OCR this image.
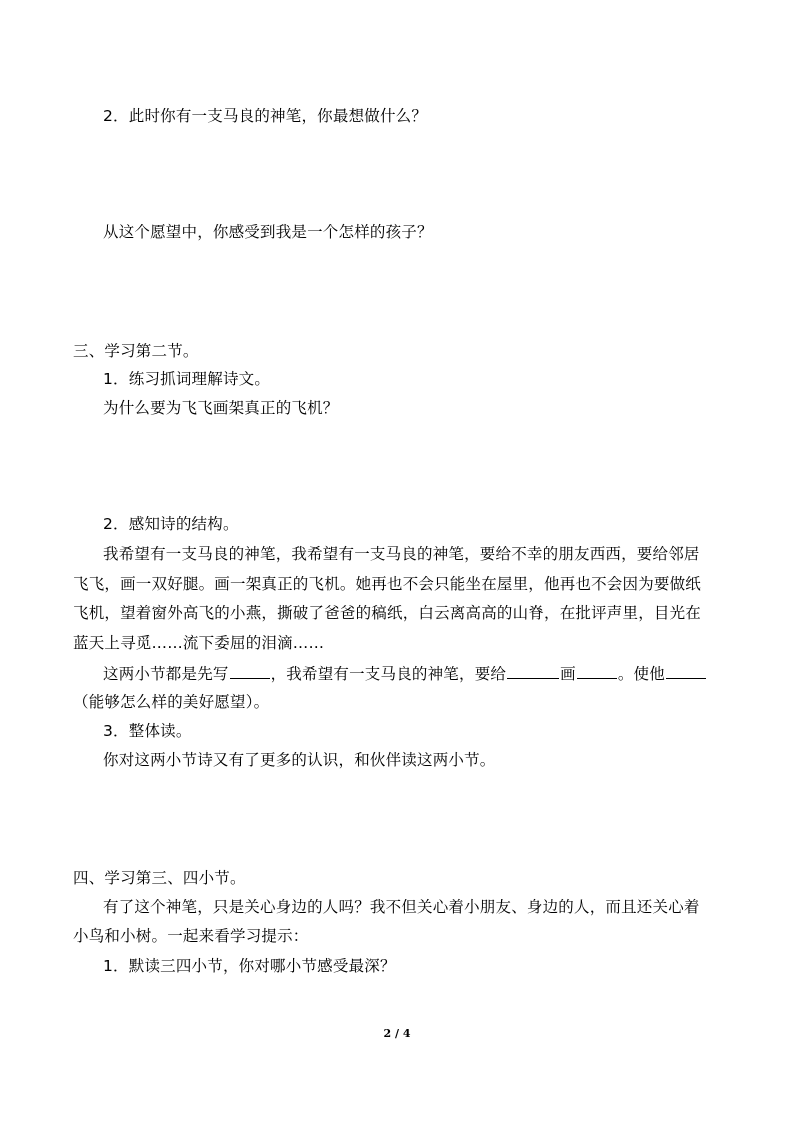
2．此时你有一支马良的神笔，你最想做什么？
从这个愿望中，你感受到我是一个怎样的孩子？
三、学习第二节。
1．练习抓词理解诗文。
为什么要为飞飞画架真正的飞机？
2．感知诗的结构。
我希望有一支马良的神笔，我希望有一支马良的神笔，要给不幸的朋友西西，要给邻居
飞飞，画一双好腿。画一架真正的飞机。她再也不会只能坐在屋里，他再也不会因为要做纸
飞机，望着窗外高飞的小燕，撕破了爸爸的稿纸，白云离高高的山脊，在批评声里，目光在
蓝天上寻觅……流下委屈的泪滴……
这两小节都是先写	，我希望有一支马良的神笔，要给	画	。使他
（能够怎么样的美好愿望）。
3．整体读。
你对这两小节诗又有了更多的认识，和伙伴读这两小节。
四、学习第三、四小节。
有了这个神笔，只是关心身边的人吗？我不但关心着小朋友、身边的人，而且还关心着
小鸟和小树。一起来看学习提示：
1．默读三四小节，你对哪小节感受最深？
2 / 4
